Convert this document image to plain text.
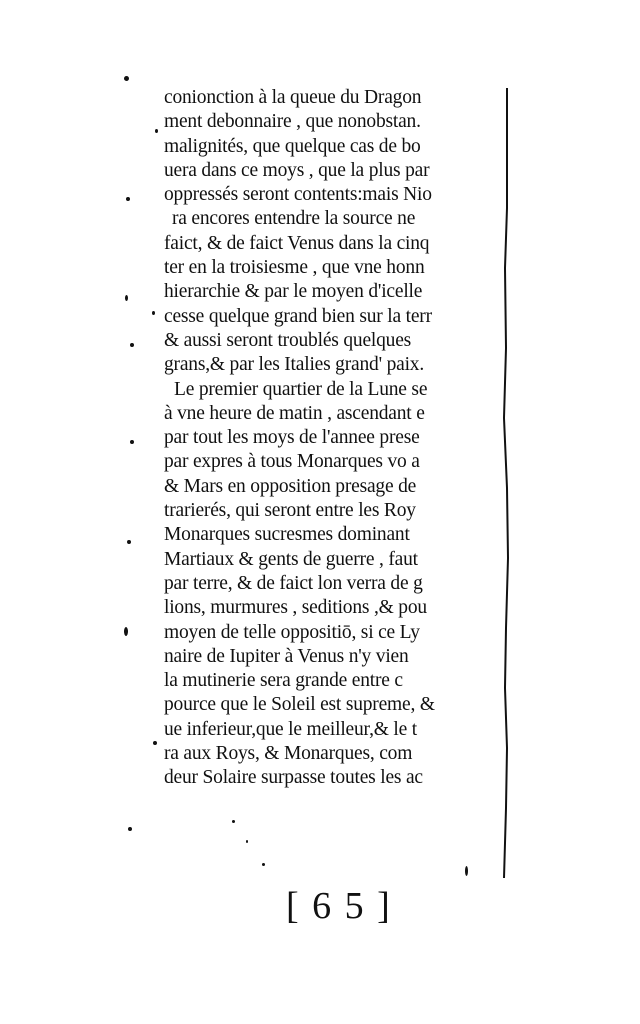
conionction à la queue du Dragon
ment debonnaire , que nonobstan.
malignités, que quelque cas de bo
uera dans ce moys , que la plus par
oppressés seront contents:mais Nio
ra encores entendre la source ne
faict, & de faict Venus dans la cinq
ter en la troisiesme , que vne honn
hierarchie & par le moyen d'icelle
cesse quelque grand bien sur la terr
& aussi seront troublés quelques
grans,& par les Italies grand' paix.
Le premier quartier de la Lune se
à vne heure de matin , ascendant e
par tout les moys de l'annee prese
par expres à tous Monarques vo a
& Mars en opposition presage de
trarierés, qui seront entre les Roy
Monarques sucresmes dominant
Martiaux & gents de guerre , faut
par terre, & de faict lon verra de g
lions, murmures , seditions ,& pou
moyen de telle oppositiō, si ce Ly
naire de Iupiter à Venus n'y vien
la mutinerie sera grande entre c
pource que le Soleil est supreme, &
ue inferieur,que le meilleur,& le t
ra aux Roys, & Monarques, com
deur Solaire surpasse toutes les ac
[ 6 5 ]
